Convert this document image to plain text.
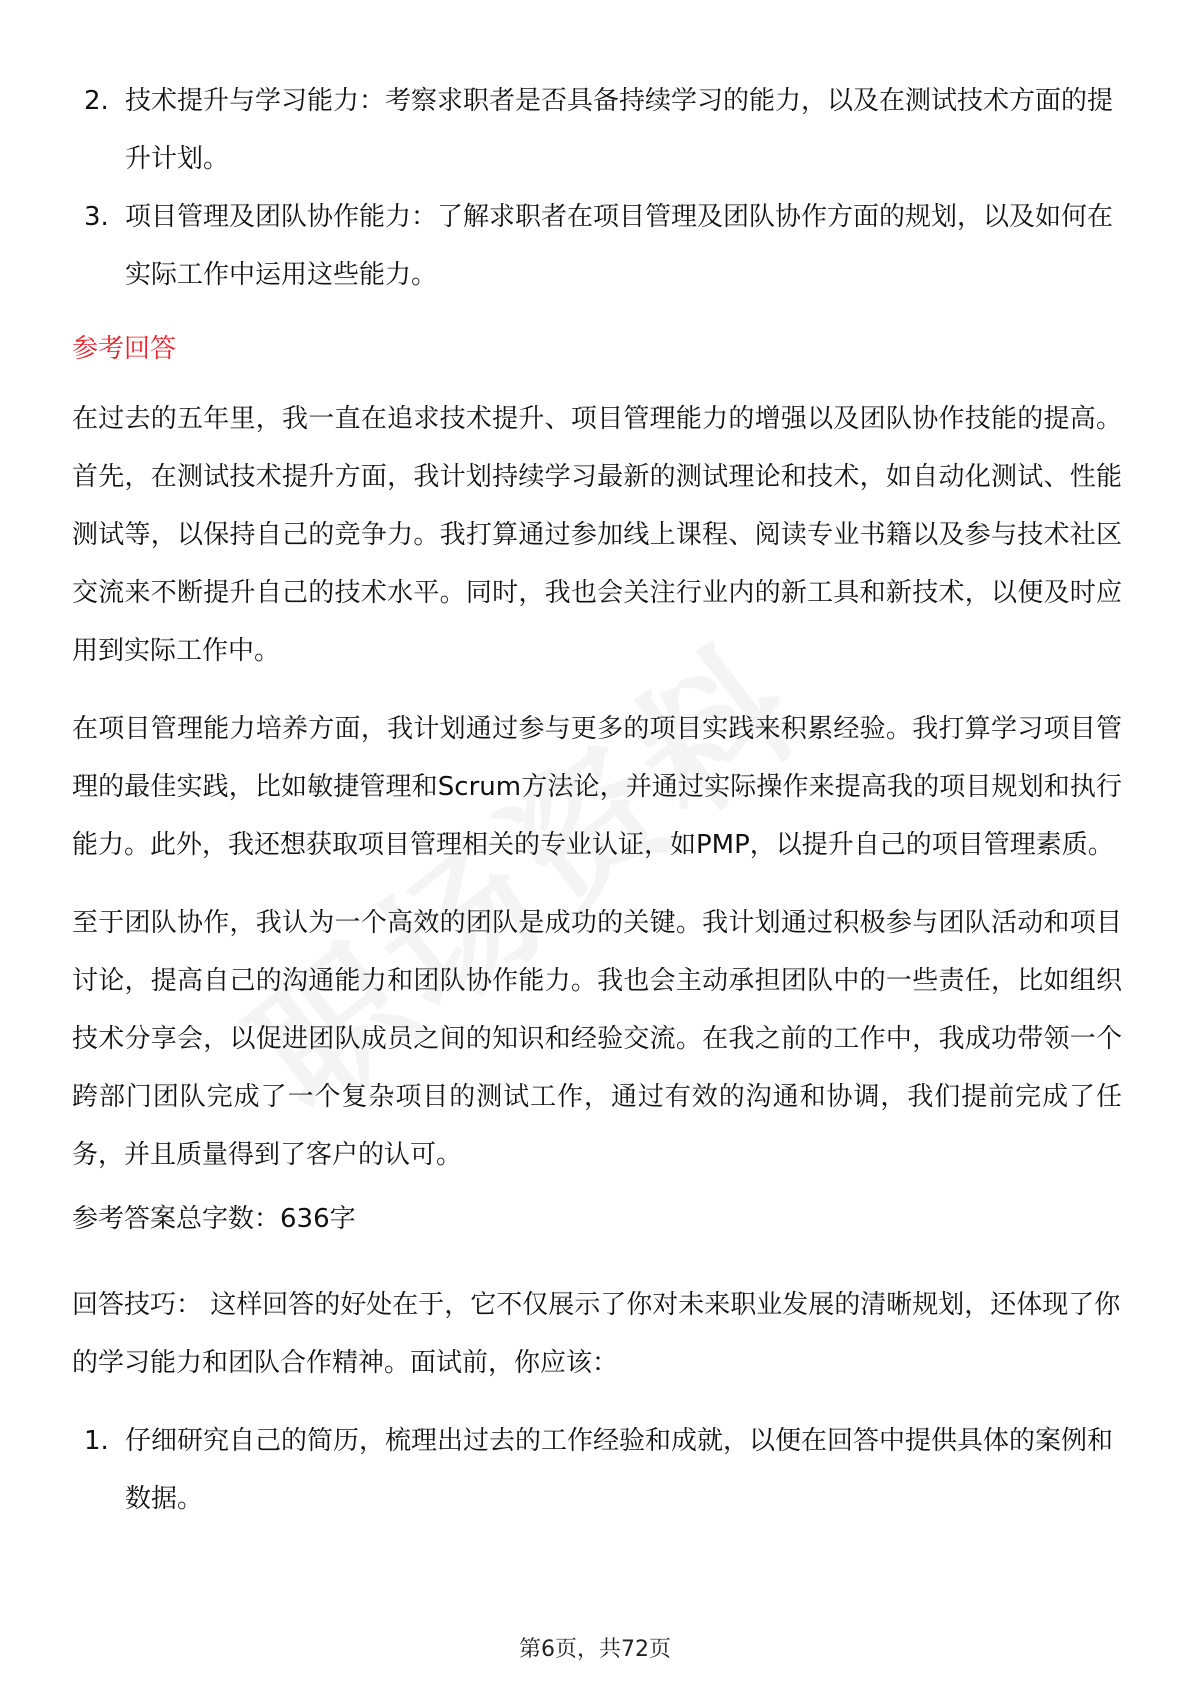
2. 技术提升与学习能力：考察求职者是否具备持续学习的能力，以及在测试技术方面的提升计划。
3. 项目管理及团队协作能力：了解求职者在项目管理及团队协作方面的规划，以及如何在实际工作中运用这些能力。
参考回答

在过去的五年里，我一直在追求技术提升、项目管理能力的增强以及团队协作技能的提高。首先，在测试技术提升方面，我计划持续学习最新的测试理论和技术，如自动化测试、性能测试等，以保持自己的竞争力。我打算通过参加线上课程、阅读专业书籍以及参与技术社区交流来不断提升自己的技术水平。同时，我也会关注行业内的新工具和新技术，以便及时应用到实际工作中。

在项目管理能力培养方面，我计划通过参与更多的项目实践来积累经验。我打算学习项目管理的最佳实践，比如敏捷管理和Scrum方法论，并通过实际操作来提高我的项目规划和执行能力。此外，我还想获取项目管理相关的专业认证，如PMP，以提升自己的项目管理素质。

至于团队协作，我认为一个高效的团队是成功的关键。我计划通过积极参与团队活动和项目讨论，提高自己的沟通能力和团队协作能力。我也会主动承担团队中的一些责任，比如组织技术分享会，以促进团队成员之间的知识和经验交流。在我之前的工作中，我成功带领一个跨部门团队完成了一个复杂项目的测试工作，通过有效的沟通和协调，我们提前完成了任务，并且质量得到了客户的认可。

参考答案总字数：636字

回答技巧： 这样回答的好处在于，它不仅展示了你对未来职业发展的清晰规划，还体现了你的学习能力和团队合作精神。面试前，你应该：

1. 仔细研究自己的简历，梳理出过去的工作经验和成就，以便在回答中提供具体的案例和数据。
第6页，共72页
